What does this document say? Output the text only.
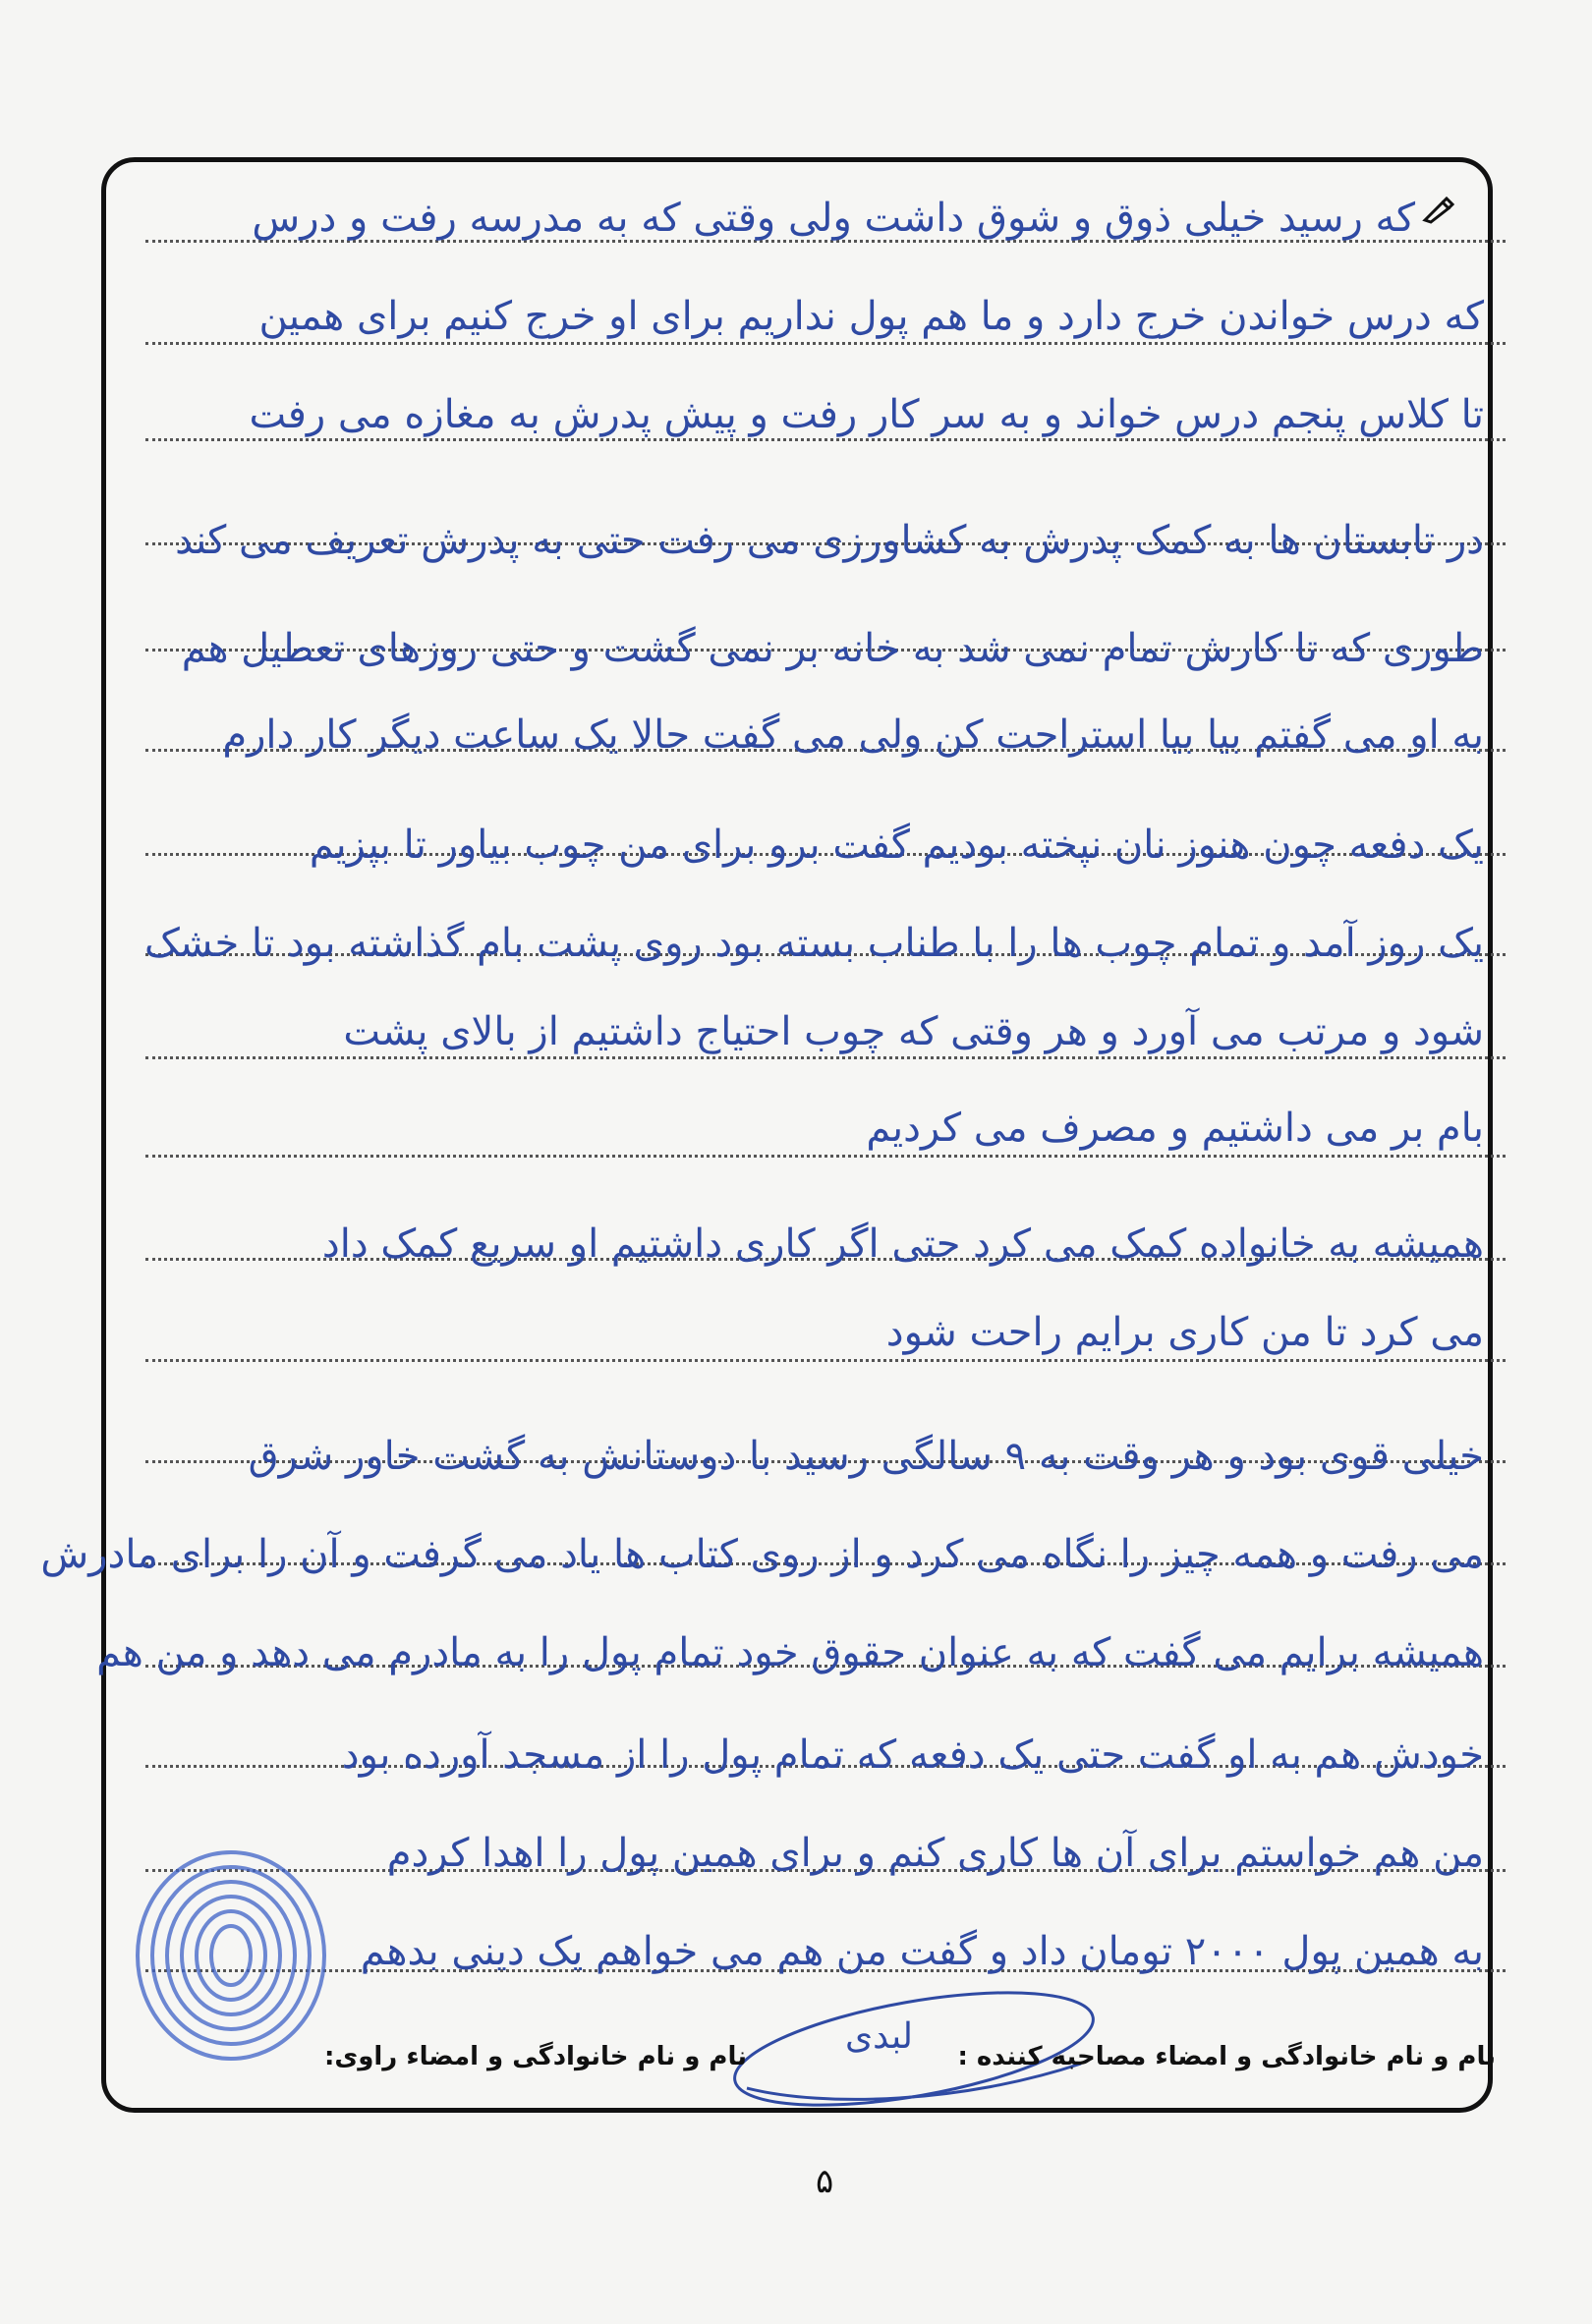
که رسید خیلی ذوق و شوق داشت ولی وقتی که به مدرسه رفت و درس
که درس خواندن خرج دارد و ما هم پول نداریم برای او خرج کنیم برای همین
تا کلاس پنجم درس خواند و به سر کار رفت و پیش پدرش به مغازه می رفت
در تابستان ها به کمک پدرش به کشاورزی می رفت حتی به پدرش تعریف می کند
طوری که تا کارش تمام نمی شد به خانه بر نمی گشت و حتی روزهای تعطیل هم
به او می گفتم بیا بیا استراحت کن ولی می گفت حالا یک ساعت دیگر کار دارم
یک دفعه چون هنوز نان نپخته بودیم گفت برو برای من چوب بیاور تا بپزیم
یک روز آمد و تمام چوب ها را با طناب بسته بود روی پشت بام گذاشته بود تا خشک
شود و مرتب می آورد و هر وقتی که چوب احتیاج داشتیم از بالای پشت
بام بر می داشتیم و مصرف می کردیم
همیشه به خانواده کمک می کرد حتی اگر کاری داشتیم او سریع کمک داد
می کرد تا من کاری برایم راحت شود
خیلی قوی بود و هر وقت به ۹ سالگی رسید با دوستانش به گشت خاور شرق
می رفت و همه چیز را نگاه می کرد و از روی کتاب ها یاد می گرفت و آن را برای مادرش
همیشه برایم می گفت که به عنوان حقوق خود تمام پول را به مادرم می دهد و من هم
خودش هم به او گفت حتی یک دفعه که تمام پول را از مسجد آورده بود
من هم خواستم برای آن ها کاری کنم و برای همین پول را اهدا کردم
به همین پول ۲۰۰۰ تومان داد و گفت من هم می خواهم یک دینی بدهم
لبدی نام و نام خانوادگی و امضاء مصاحبه کننده :
نام و نام خانوادگی و امضاء راوی:
۵
